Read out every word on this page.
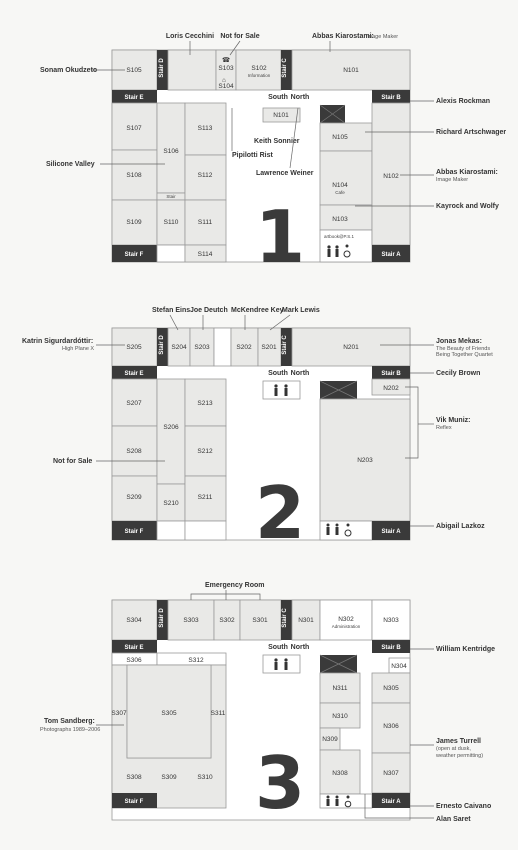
1
S105	Stair D	S103
S104
S102
Information Stair C	N101
Stair E	Stair B
South North
N101
N105
N104
Cafe
N103
artbook@P.S.1
N102
S107
S106
S113
S108	S112
Stair
S109	S110	S111
S114
Stair F	Stair A
☎
⌂
Loris Cecchini Not for Sale	Abbas Kiarostami:
Image Maker
Sonam Okudzeto
Alexis Rockman
Richard Artschwager
Silicone Valley
Keith Sonnier
Pipilotti Rist
Lawrence Weiner	Abbas Kiarostami:
Image Maker
Kayrock and Wolfy
2
S205	Stair D S204 S203	S202 S201 Stair C	N201
Stair E	Stair B
South North
N202
S207
S206
S213
S208	S212
N203
S209
S210
S211
Stair F	Stair A
Stefan Eins Joe Deutch McKendree Key
Mark Lewis
Katrin Sigurdardóttir:
High Plane X
Jonas Mekas:
The Beauty of Friends
Being Together Quartet
Cecily Brown
Vik Muniz:
Reflex
Not for Sale
Abigail Lazkoz
3
S304	Stair D	S303	S302	S301 Stair C N301	N302
Administration
N303
Stair E	Stair B
South North
S306	S312
N304
N311	N305
S307	S305	S311	N310
N306
N309
S308	S309	S310
N308	N307
Stair F	Stair A
Emergency Room
William Kentridge
Tom Sandberg:
Photographs 1989–2006
James Turrell
(open at dusk,
weather permitting)
Ernesto Caivano
Alan Saret
